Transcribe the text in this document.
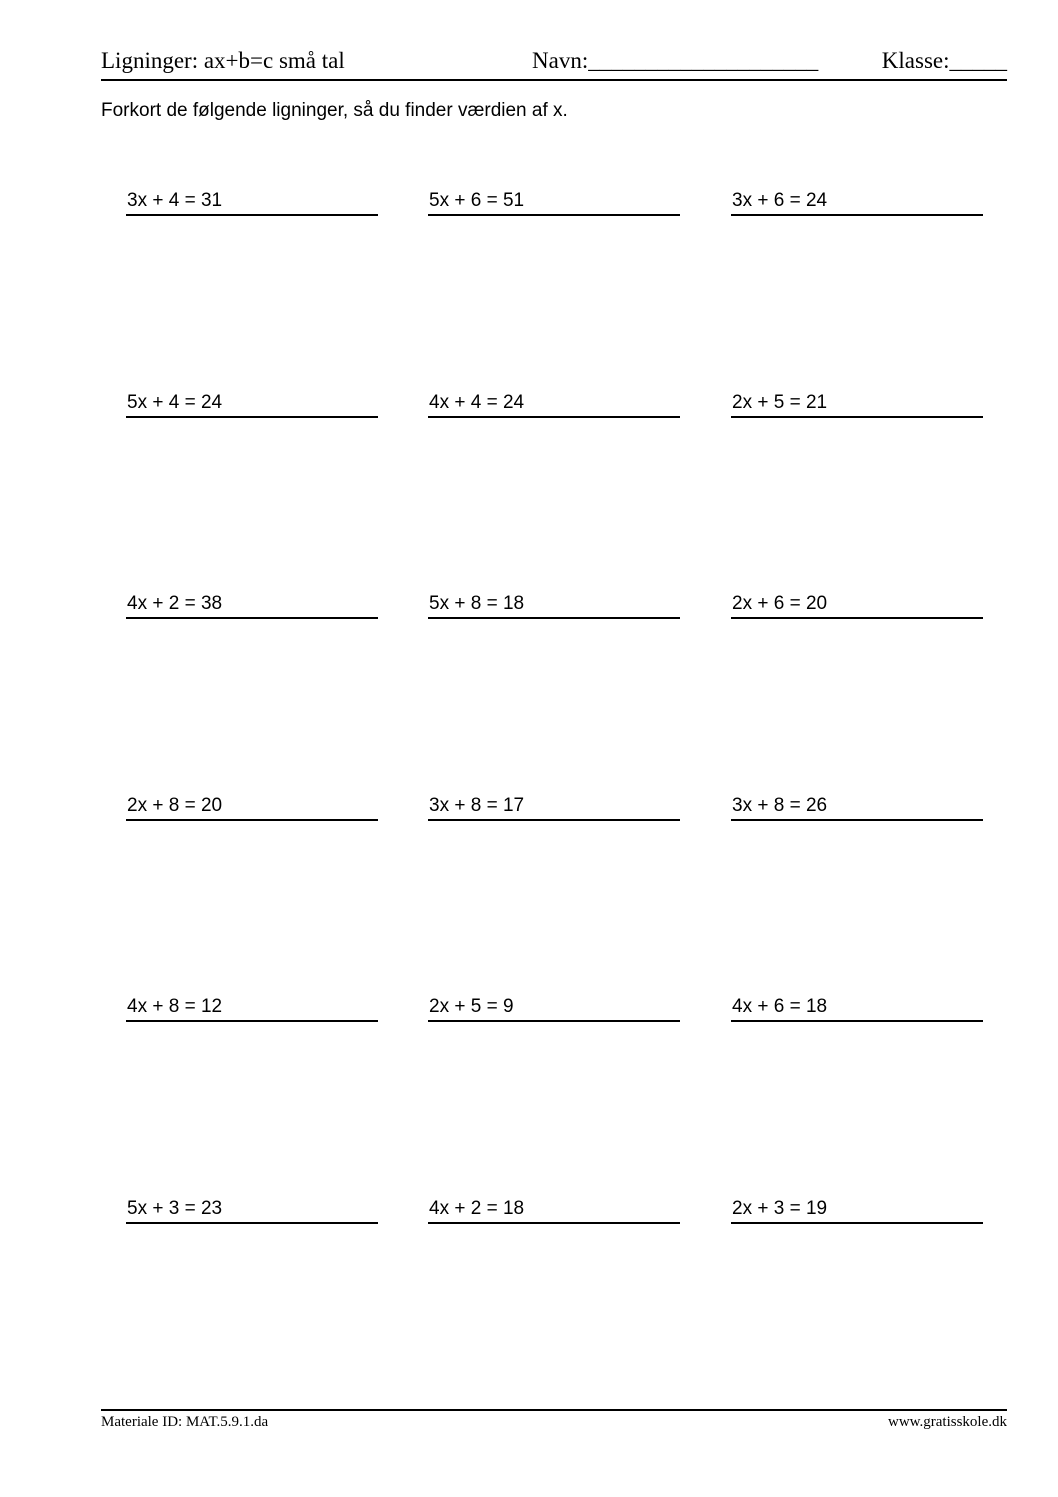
Ligninger: ax+b=c små tal	Navn:____________________	Klasse:_____
Forkort de følgende ligninger, så du finder værdien af x.
3x + 4 = 31	5x + 6 = 51	3x + 6 = 24
5x + 4 = 24	4x + 4 = 24	2x + 5 = 21
4x + 2 = 38	5x + 8 = 18	2x + 6 = 20
2x + 8 = 20	3x + 8 = 17	3x + 8 = 26
4x + 8 = 12	2x + 5 = 9	4x + 6 = 18
5x + 3 = 23	4x + 2 = 18	2x + 3 = 19
Materiale ID: MAT.5.9.1.da	www.gratisskole.dk
